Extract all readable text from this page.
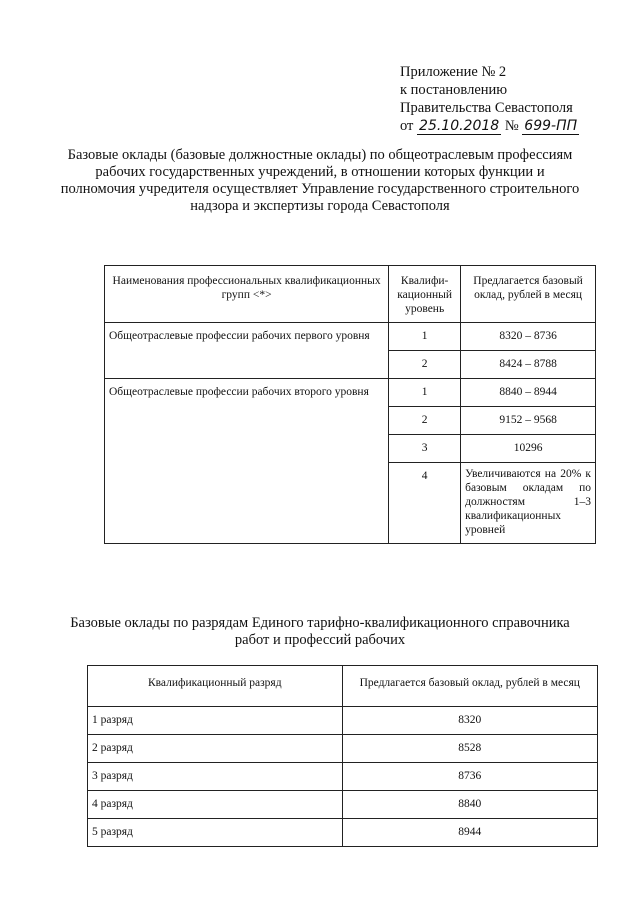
Приложение № 2
к постановлению
Правительства Севастополя
от 25.10.2018 № 699-ПП
Базовые оклады (базовые должностные оклады) по общеотраслевым профессиям рабочих государственных учреждений, в отношении которых функции и полномочия учредителя осуществляет Управление государственного строительного надзора и экспертизы города Севастополя
Наименования профессиональных квалификационных групп <*>	Квалифи-кационный уровень	Предлагается базовый оклад, рублей в месяц
Общеотраслевые профессии рабочих первого уровня	1	8320 – 8736
	2	8424 – 8788
Общеотраслевые профессии рабочих второго уровня	1	8840 – 8944
	2	9152 – 9568
	3	10296
	4	Увеличиваются на 20% к базовым окладам по должностям 1–3 квалификационных уровней
Базовые оклады по разрядам Единого тарифно-квалификационного справочника работ и профессий рабочих
Квалификационный разряд	Предлагается базовый оклад, рублей в месяц
1 разряд	8320
2 разряд	8528
3 разряд	8736
4 разряд	8840
5 разряд	8944
